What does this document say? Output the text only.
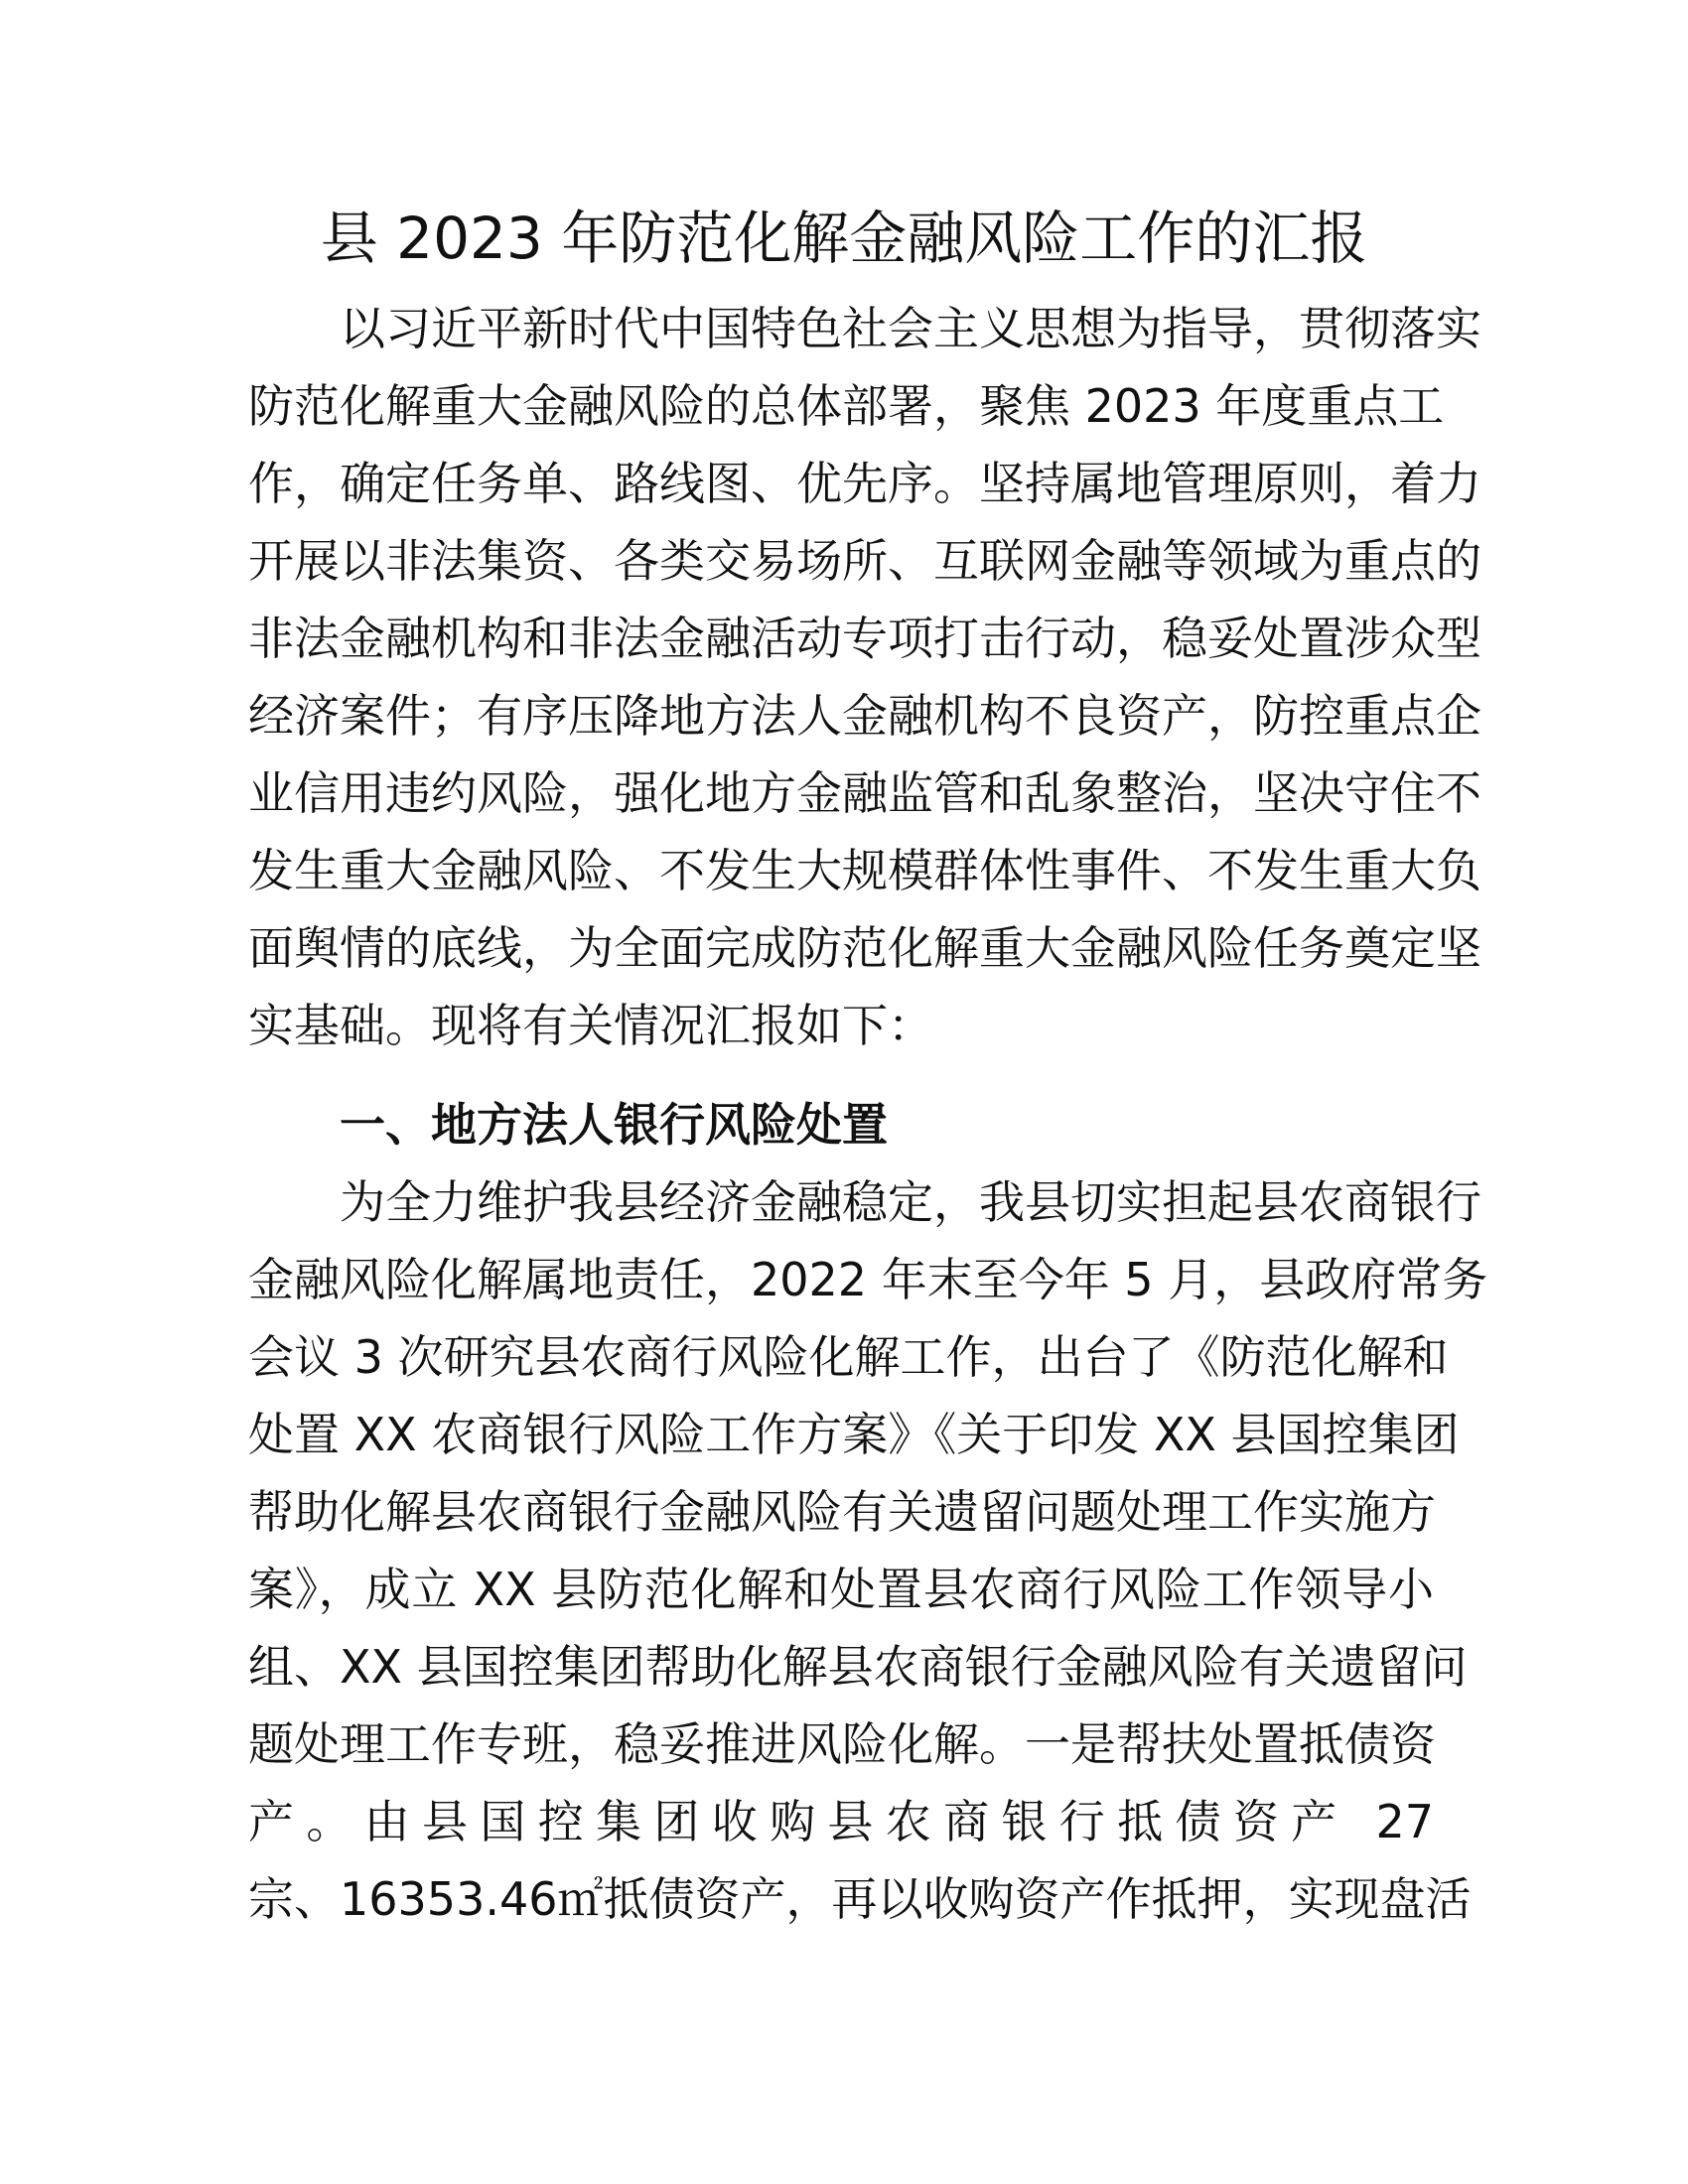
县 2023 年防范化解金融风险工作的汇报
以习近平新时代中国特色社会主义思想为指导，贯彻落实
防范化解重大金融风险的总体部署，聚焦 2023 年度重点工
作，确定任务单、路线图、优先序。坚持属地管理原则，着力
开展以非法集资、各类交易场所、互联网金融等领域为重点的
非法金融机构和非法金融活动专项打击行动，稳妥处置涉众型
经济案件；有序压降地方法人金融机构不良资产，防控重点企
业信用违约风险，强化地方金融监管和乱象整治，坚决守住不
发生重大金融风险、不发生大规模群体性事件、不发生重大负
面舆情的底线，为全面完成防范化解重大金融风险任务奠定坚
实基础。现将有关情况汇报如下：
一、地方法人银行风险处置
为全力维护我县经济金融稳定，我县切实担起县农商银行
金融风险化解属地责任，2022 年末至今年 5 月，县政府常务
会议 3 次研究县农商行风险化解工作，出台了《防范化解和
处置 XX 农商银行风险工作方案》《关于印发 XX 县国控集团
帮助化解县农商银行金融风险有关遗留问题处理工作实施方
案》，成立 XX 县防范化解和处置县农商行风险工作领导小
组、XX 县国控集团帮助化解县农商银行金融风险有关遗留问
题处理工作专班，稳妥推进风险化解。一是帮扶处置抵债资
产。由县国控集团收购县农商银行抵债资产 27
宗、16353.46㎡抵债资产，再以收购资产作抵押，实现盘活
